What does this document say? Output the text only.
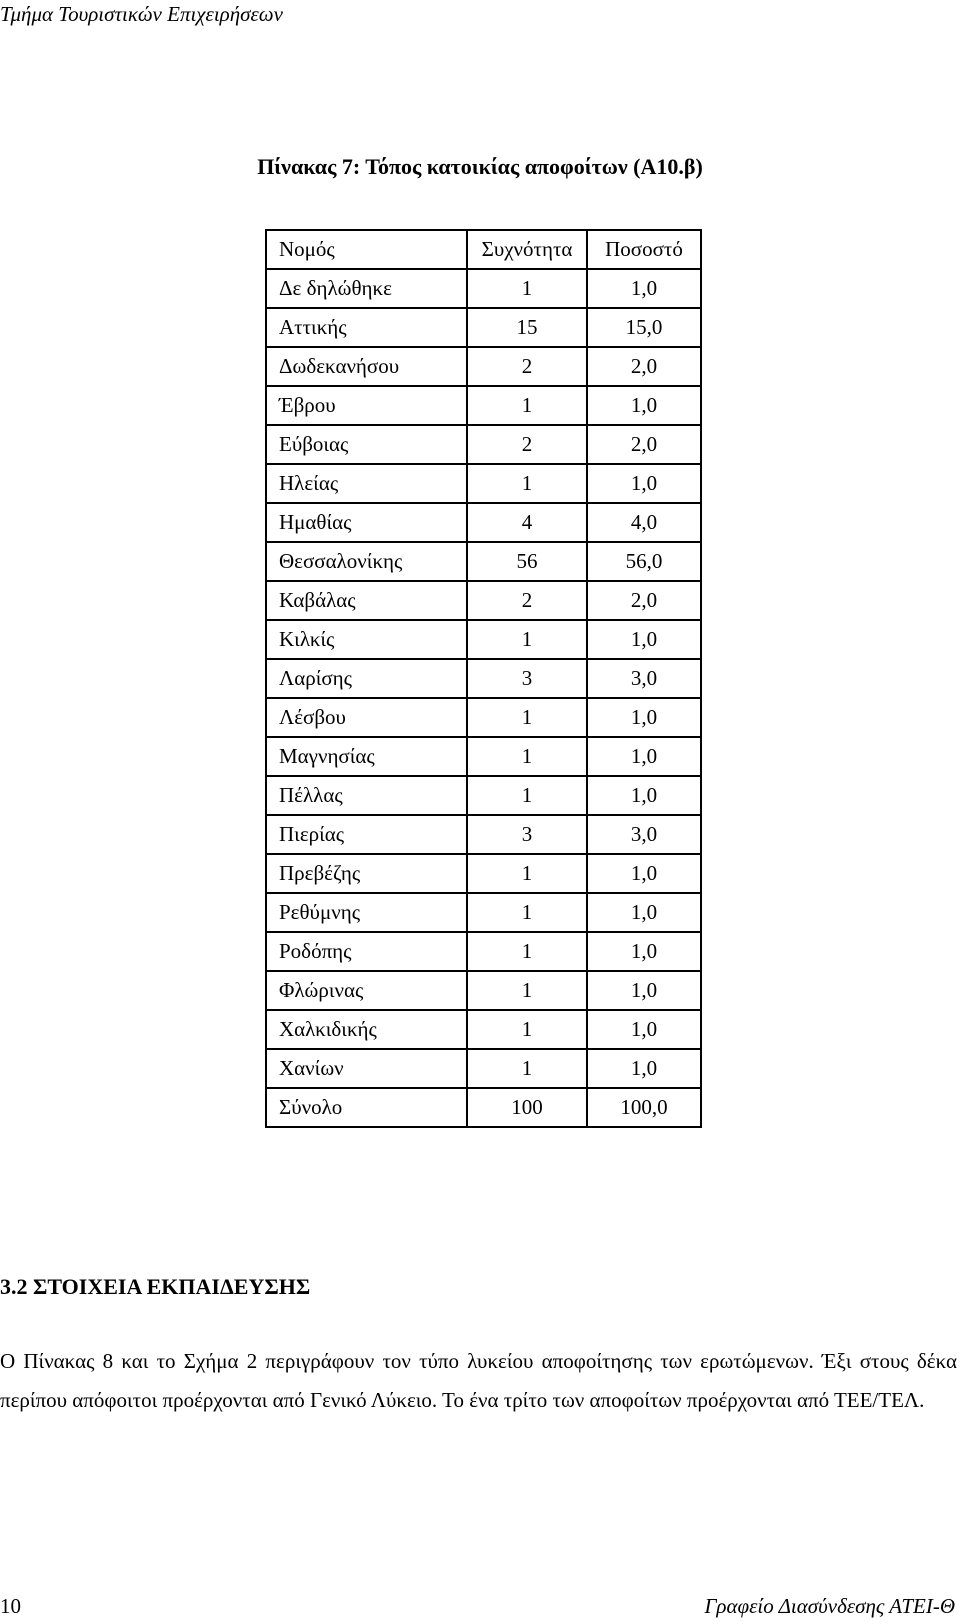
Τμήμα Τουριστικών Επιχειρήσεων
Πίνακας 7: Τόπος κατοικίας αποφοίτων (Α10.β)
Νομός	Συχνότητα	Ποσοστό
Δε δηλώθηκε	1	1,0
Αττικής	15	15,0
Δωδεκανήσου	2	2,0
Έβρου	1	1,0
Εύβοιας	2	2,0
Ηλείας	1	1,0
Ημαθίας	4	4,0
Θεσσαλονίκης	56	56,0
Καβάλας	2	2,0
Κιλκίς	1	1,0
Λαρίσης	3	3,0
Λέσβου	1	1,0
Μαγνησίας	1	1,0
Πέλλας	1	1,0
Πιερίας	3	3,0
Πρεβέζης	1	1,0
Ρεθύμνης	1	1,0
Ροδόπης	1	1,0
Φλώρινας	1	1,0
Χαλκιδικής	1	1,0
Χανίων	1	1,0
Σύνολο	100	100,0
3.2 ΣΤΟΙΧΕΙΑ ΕΚΠΑΙΔΕΥΣΗΣ

Ο Πίνακας 8 και το Σχήμα 2 περιγράφουν τον τύπο λυκείου αποφοίτησης των ερωτώμενων. Έξι στους δέκα περίπου απόφοιτοι προέρχονται από Γενικό Λύκειο. Το ένα τρίτο των αποφοίτων προέρχονται από ΤΕΕ/ΤΕΛ.

10	Γραφείο Διασύνδεσης ΑΤΕΙ-Θ
